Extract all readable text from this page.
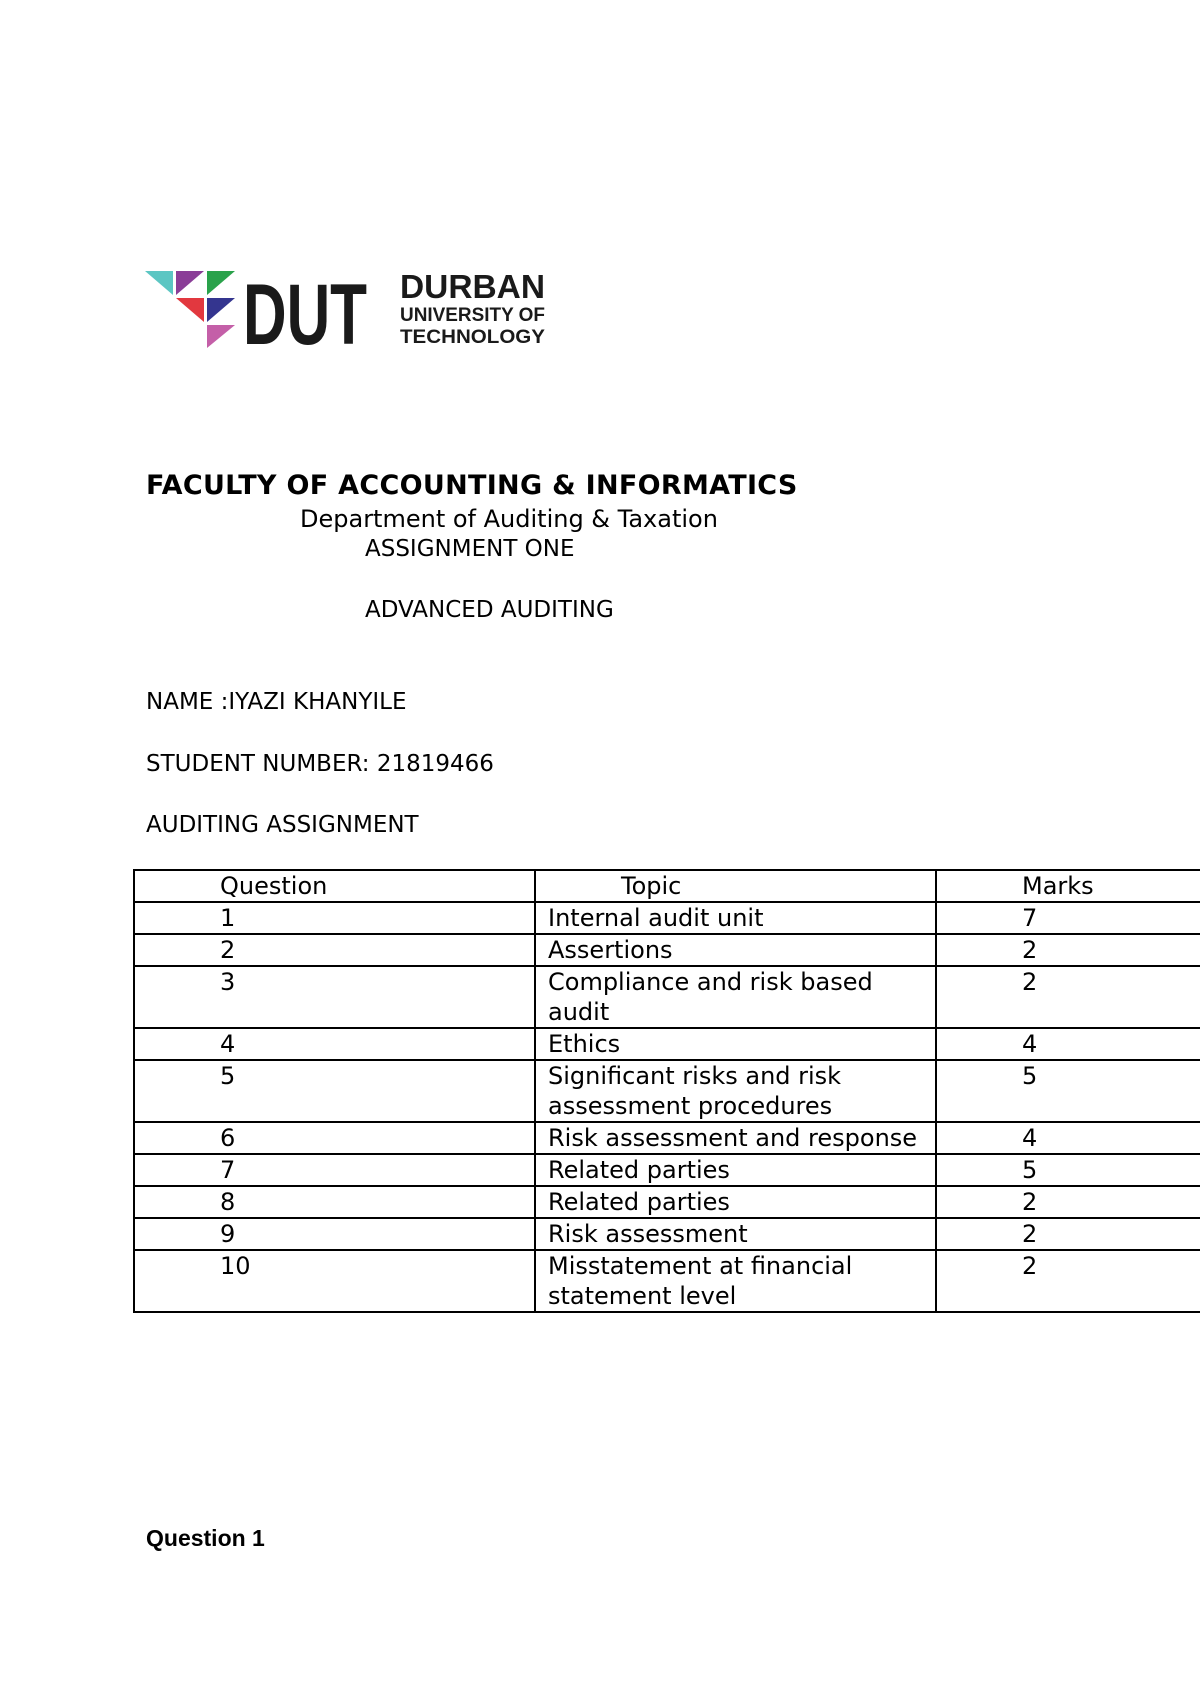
DUT DURBAN
UNIVERSITY OF
TECHNOLOGY
FACULTY OF ACCOUNTING & INFORMATICS
Department of Auditing & Taxation
ASSIGNMENT ONE
ADVANCED AUDITING
NAME :IYAZI KHANYILE
STUDENT NUMBER: 21819466
AUDITING ASSIGNMENT
Question	Topic	Marks
1	Internal audit unit	7
2	Assertions	2
3	Compliance and risk based audit	2
4	Ethics	4
5	Significant risks and risk assessment procedures	5
6	Risk assessment and response	4
7	Related parties	5
8	Related parties	2
9	Risk assessment	2
10	Misstatement at financial statement level	2
Question 1
